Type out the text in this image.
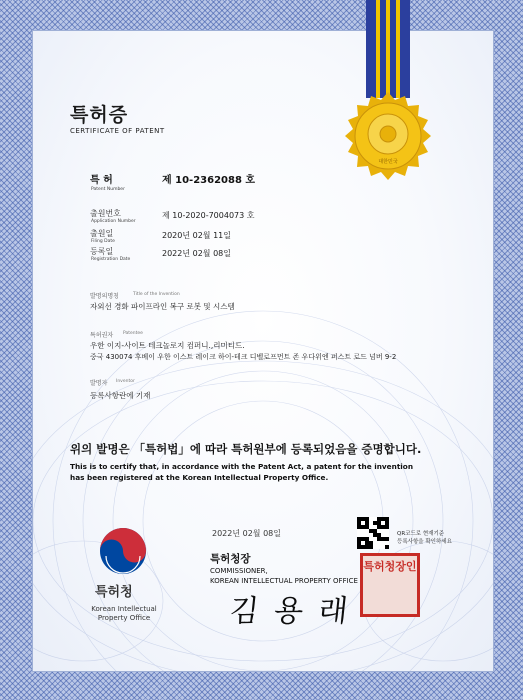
대한민국
특허증
CERTIFICATE OF PATENT
특 허
Patent Number
제 10-2362088 호
출원번호
Application Number
제 10-2020-7004073 호
출원일
Filing Date
2020년 02월 11일
등록일
Registration Date
2022년 02월 08일
발명의명칭	Title of the Invention
자외선 경화 파이프라인 복구 로봇 및 시스템
특허권자 Patentee
우한 이지-사이트 테크놀로지 컴퍼니.,리미티드.
중국 430074 후베이 우한 이스트 레이크 하이-테크 디벨로프먼트 존 우다위엔 퍼스트 로드 넘버 9-2
발명자 Inventor
등록사항란에 기재
위의 발명은 「특허법」에 따라 특허원부에 등록되었음을 증명합니다.
This is to certify that, in accordance with the Patent Act, a patent for the invention
has been registered at the Korean Intellectual Property Office.
특허청
Korean Intellectual
Property Office
2022년 02월 08일
특허청장
COMMISSIONER,
KOREAN INTELLECTUAL PROPERTY OFFICE
김 용 래
QR코드로 현재기준
등록사항을 확인하세요
특허청장인
